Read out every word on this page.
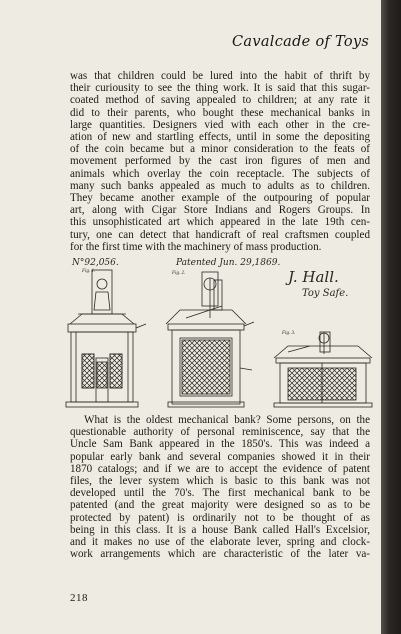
Cavalcade of Toys

was that children could be lured into the habit of thrift by
their curiousity to see the thing work. It is said that this sugar-
coated method of saving appealed to children; at any rate it
did to their parents, who bought these mechanical banks in
large quantities. Designers vied with each other in the cre-
ation of new and startling effects, until in some the depositing
of the coin became but a minor consideration to the feats of
movement performed by the cast iron figures of men and
animals which overlay the coin receptacle. The subjects of
many such banks appealed as much to adults as to children.
They became another example of the outpouring of popular
art, along with Cigar Store Indians and Rogers Groups. In
this unsophisticated art which appeared in the late 19th cen-
tury, one can detect that handicraft of real craftsmen coupled
for the first time with the machinery of mass production.

N°92,056.	Patented Jun. 29,1869.
J. Hall.
Toy Safe.
Fig. 1.	Fig. 2.
Fig. 3.

What is the oldest mechanical bank? Some persons, on the
questionable authority of personal reminiscence, say that the
Uncle Sam Bank appeared in the 1850's. This was indeed a
popular early bank and several companies showed it in their
1870 catalogs; and if we are to accept the evidence of patent
files, the lever system which is basic to this bank was not
developed until the 70's. The first mechanical bank to be
patented (and the great majority were designed so as to be
protected by patent) is ordinarily not to be thought of as
being in this class. It is a house Bank called Hall's Excelsior,
and it makes no use of the elaborate lever, spring and clock-
work arrangements which are characteristic of the later va-

218
